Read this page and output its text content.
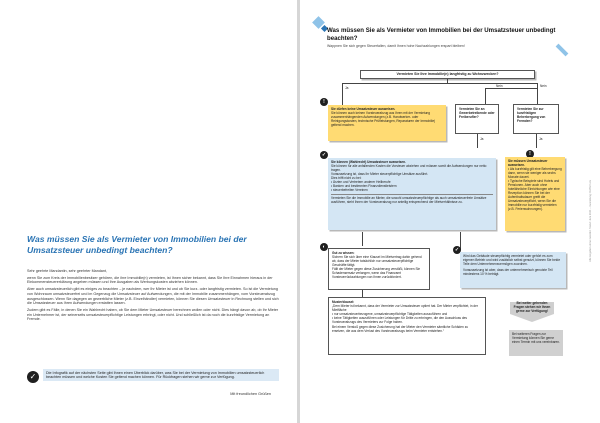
Was müssen Sie als Vermieter von Immobilien bei der Umsatzsteuer unbedingt beachten?

Sehr geehrte Mandantin, sehr geehrter Mandant,

wenn Sie zum Kreis der Immobilienbesitzer gehören, die ihre Immobilie(n) vermieten, ist Ihnen sicher bekannt, dass Sie Ihre Einnahmen hieraus in der Einkommensteuererklärung angeben müssen und Ihre Ausgaben als Werbungskosten abziehen können.

Aber auch umsatzsteuerlich gibt es einiges zu beachten – je nachdem, wer Ihr Mieter ist und ob Sie kurz- oder langfristig vermieten. So ist die Vermietung von Wohnraum umsatzsteuerfrei und im Gegenzug die Umsatzsteuer auf Aufwendungen, die mit der Immobilie zusammenhängen, vom Vorsteuerabzug ausgeschlossen. Wenn Sie dagegen an gewerbliche Mieter (z.B. Einzelhändler) vermieten, können Sie diesen Umsatzsteuer in Rechnung stellen und sich die Umsatzsteuer aus Ihren Aufwendungen erstatten lassen.

Zudem gibt es Fälle, in denen Sie ein Wahlrecht haben, ob Sie dem Mieter Umsatzsteuer berechnen wollen oder nicht. Dies hängt davon ab, ob Ihr Mieter ein Unternehmer ist, der seinerseits umsatzsteuerpflichtige Leistungen erbringt, oder nicht. Und schließlich ist da noch die kurzfristige Vermietung an Fremde.

✓	Die Infografik auf der nächsten Seite gibt Ihnen einen Überblick darüber, was Sie bei der Vermietung von Immobilien umsatzsteuerlich beachten müssen und welche Kosten Sie geltend machen können. Für Rückfragen stehen wir gerne zur Verfügung.
Mit freundlichen Grüßen
Was müssen Sie als Vermieter von Immobilien bei der Umsatzsteuer unbedingt beachten?
Wappnen Sie sich gegen Steuerfallen, damit Ihnen hohe Nachzahlungen erspart bleiben!
Alle Angaben ohne Gewähr. Stand: Juni 2021 – Gestaltung: DATEV eG
Vermieten Sie Ihre Immobilie(n) langfristig zu Wohnzwecken?
Ja	Nein	Nein
!
Sie dürfen keine Umsatzsteuer ausweisen.
Sie können auch keinen Vorsteuerabzug aus Ihren mit der Vermietung zusammenhängenden Aufwendungen (z.B. Handwerker- oder Reinigungskosten, technische Prüfleistungen, Reparaturen der Immobilie) geltend machen.
Vermieten Sie an Gewerbetreibende oder Freiberufler?
Vermieten Sie zur kurzfristigen Beherbergung von Fremden?
Ja	Ja
✓
Sie können (Wahlrecht) Umsatzsteuer ausweisen.
Sie können für alle anfallenden Kosten die Vorsteuer abziehen und müssen somit die Aufwendungen nur netto tragen.
Voraussetzung ist, dass Ihr Mieter steuerpflichtige Umsätze ausführt.
Dies trifft nicht zu bei:
• Ärzten und Vertretern anderer Heilberufe
• Banken und bestimmten Finanzdienstleistern
• steuerbefreiten Vereinen
Vermieten Sie die Immobilie an Mieter, die sowohl umsatzsteuerpflichtige als auch umsatzsteuerfreie Umsätze ausführen, steht Ihnen der Vorsteuerabzug nur anteilig entsprechend der Mietverhältnisse zu.
!
Sie müssen Umsatzsteuer ausweisen.
• Als kurzfristig gilt eine Beherbergung dann, wenn sie weniger als sechs Monate dauert.
• Typische Beispiele sind Hotels und Pensionen. Aber auch ohne hotelähnliche Einrichtungen wie eine Rezeption können Sie bei der Aufenthaltsdauer greift die Umsatzsteuerpflicht, wenn Sie die Immobilie nur kurzfristig vermieten (z.B. Ferienwohnungen).
◐
Gut zu wissen:
Sichern Sie sich über eine Klausel im Mietvertrag dahin gehend ab, dass der Mieter tatsächlich nur umsatzsteuerpflichtige Geschäfte tätigt.
Fällt der Mieter gegen diese Zusicherung verstößt, können Sie Schadensersatz verlangen, wenn das Finanzamt Vorsteuerrückzahlungen von Ihnen zurückfordert.
✓
Wird das Gebäude steuerpflichtig vermietet oder gehört es zum eigenen Betrieb und wird zusätzlich selbst genutzt, können Sie beide Teile dem Unternehmensvermögen zuordnen.
Voraussetzung ist aber, dass der unternehmerisch genutzte Teil mindestens 10 % beträgt.
Musterklausel:
„Dem Mieter ist bekannt, dass der Vermieter zur Umsatzsteuer optiert hat. Der Mieter verpflichtet, in der Mietfläche
• nur umsatzsteuerbezogene, umsatzsteuerpflichtige Tätigkeiten auszuführen und
• keine Tätigkeiten auszuführen oder Leistungen für Dritte zu erbringen, die den Ausschluss des Vorsteuerabzugs des Vermieters zur Folge haben.
Bei einem Verstoß gegen diese Zusicherung hat der Mieter den Vermieter sämtliche Schäden zu ersetzen, die aus dem Verlust des Vorsteuerabzugs beim Vermieter entstehen.“
Bei weiter gehenden Fragen stehen wir Ihnen gerne zur Verfügung!
Bei weiteren Fragen zur Vermietung können Sie gerne einen Termin mit uns vereinbaren.
